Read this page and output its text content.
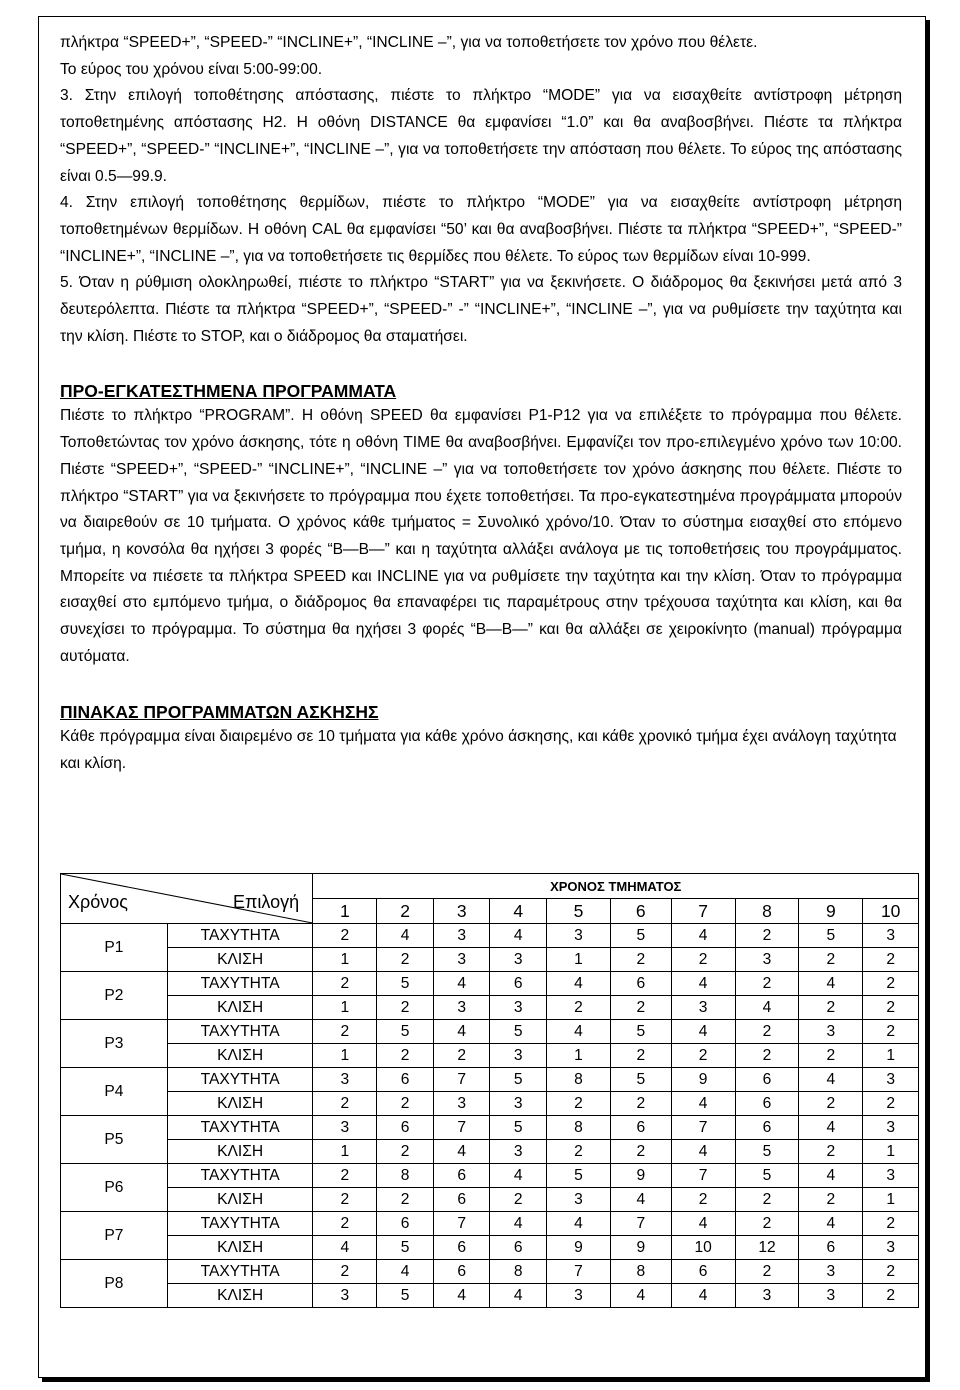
πλήκτρα “SPEED+”, “SPEED-” “INCLINE+”, “INCLINE –”, για να τοποθετήσετε τον χρόνο που θέλετε.

Το εύρος του χρόνου είναι 5:00-99:00.

3. Στην επιλογή τοποθέτησης απόστασης, πιέστε το πλήκτρο “MODE” για να εισαχθείτε αντίστροφη μέτρηση τοποθετημένης απόστασης H2. Η οθόνη DISTANCE θα εμφανίσει “1.0” και θα αναβοσβήνει. Πιέστε τα πλήκτρα “SPEED+”, “SPEED-” “INCLINE+”, “INCLINE –”, για να τοποθετήσετε την απόσταση που θέλετε. Το εύρος της απόστασης είναι 0.5—99.9.

4. Στην επιλογή τοποθέτησης θερμίδων, πιέστε το πλήκτρο “MODE” για να εισαχθείτε αντίστροφη μέτρηση τοποθετημένων θερμίδων. Η οθόνη CAL θα εμφανίσει “50’ και θα αναβοσβήνει. Πιέστε τα πλήκτρα “SPEED+”, “SPEED-” “INCLINE+”, “INCLINE –”, για να τοποθετήσετε τις θερμίδες που θέλετε. Το εύρος των θερμίδων είναι 10-999.

5. Όταν η ρύθμιση ολοκληρωθεί, πιέστε το πλήκτρο “START” για να ξεκινήσετε. Ο διάδρομος θα ξεκινήσει μετά από 3 δευτερόλεπτα. Πιέστε τα πλήκτρα “SPEED+”, “SPEED-” -” “INCLINE+”, “INCLINE –”, για να ρυθμίσετε την ταχύτητα και την κλίση. Πιέστε το STOP, και ο διάδρομος θα σταματήσει.

ΠΡΟ-ΕΓΚΑΤΕΣΤΗΜΕΝΑ ΠΡΟΓΡΑΜΜΑΤΑ

Πιέστε το πλήκτρο “PROGRAM”. Η οθόνη SPEED θα εμφανίσει P1-P12 για να επιλέξετε το πρόγραμμα που θέλετε. Τοποθετώντας τον χρόνο άσκησης, τότε η οθόνη TIME θα αναβοσβήνει. Εμφανίζει τον προ-επιλεγμένο χρόνο των 10:00. Πιέστε “SPEED+”, “SPEED-” “INCLINE+”, “INCLINE –” για να τοποθετήσετε τον χρόνο άσκησης που θέλετε. Πιέστε το πλήκτρο “START” για να ξεκινήσετε το πρόγραμμα που έχετε τοποθετήσει. Τα προ-εγκατεστημένα προγράμματα μπορούν να διαιρεθούν σε 10 τμήματα. Ο χρόνος κάθε τμήματος = Συνολικό χρόνο/10. Όταν το σύστημα εισαχθεί στο επόμενο τμήμα, η κονσόλα θα ηχήσει 3 φορές “B—B—” και η ταχύτητα αλλάξει ανάλογα με τις τοποθετήσεις του προγράμματος. Μπορείτε να πιέσετε τα πλήκτρα SPEED και INCLINE για να ρυθμίσετε την ταχύτητα και την κλίση. Όταν το πρόγραμμα εισαχθεί στο εμπόμενο τμήμα, ο διάδρομος θα επαναφέρει τις παραμέτρους στην τρέχουσα ταχύτητα και κλίση, και θα συνεχίσει το πρόγραμμα. Το σύστημα θα ηχήσει 3 φορές “B—B—” και θα αλλάξει σε χειροκίνητο (manual) πρόγραμμα αυτόματα.

ΠΙΝΑΚΑΣ ΠΡΟΓΡΑΜΜΑΤΩΝ ΑΣΚΗΣΗΣ

Κάθε πρόγραμμα είναι διαιρεμένο σε 10 τμήματα για κάθε χρόνο άσκησης, και κάθε χρονικό τμήμα έχει ανάλογη ταχύτητα και κλίση.

Χρόνος Επιλογή		ΧΡΟΝΟΣ ΤΜΗΜΑΤΟΣ									
		1	2	3	4	5	6	7	8	9	10
P1	ΤΑΧΥΤΗΤΑ	2	4	3	4	3	5	4	2	5	3
	ΚΛΙΣΗ	1	2	3	3	1	2	2	3	2	2
P2	ΤΑΧΥΤΗΤΑ	2	5	4	6	4	6	4	2	4	2
	ΚΛΙΣΗ	1	2	3	3	2	2	3	4	2	2
P3	ΤΑΧΥΤΗΤΑ	2	5	4	5	4	5	4	2	3	2
	ΚΛΙΣΗ	1	2	2	3	1	2	2	2	2	1
P4	ΤΑΧΥΤΗΤΑ	3	6	7	5	8	5	9	6	4	3
	ΚΛΙΣΗ	2	2	3	3	2	2	4	6	2	2
P5	ΤΑΧΥΤΗΤΑ	3	6	7	5	8	6	7	6	4	3
	ΚΛΙΣΗ	1	2	4	3	2	2	4	5	2	1
P6	ΤΑΧΥΤΗΤΑ	2	8	6	4	5	9	7	5	4	3
	ΚΛΙΣΗ	2	2	6	2	3	4	2	2	2	1
P7	ΤΑΧΥΤΗΤΑ	2	6	7	4	4	7	4	2	4	2
	ΚΛΙΣΗ	4	5	6	6	9	9	10	12	6	3
P8	ΤΑΧΥΤΗΤΑ	2	4	6	8	7	8	6	2	3	2
	ΚΛΙΣΗ	3	5	4	4	3	4	4	3	3	2
